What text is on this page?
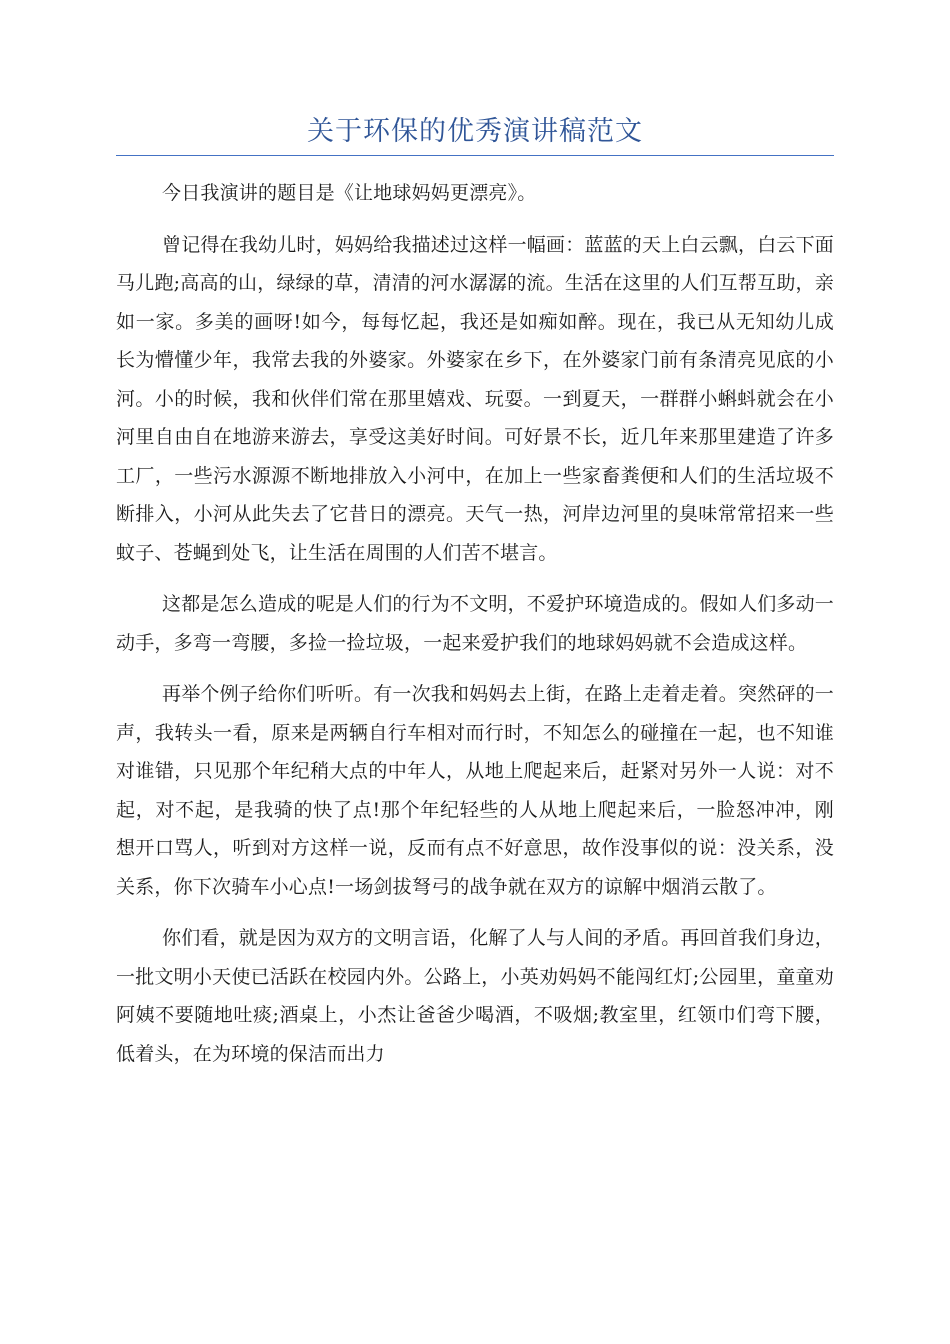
关于环保的优秀演讲稿范文

今日我演讲的题目是《让地球妈妈更漂亮》。

曾记得在我幼儿时，妈妈给我描述过这样一幅画：蓝蓝的天上白云飘，白云下面马儿跑;高高的山，绿绿的草，清清的河水潺潺的流。生活在这里的人们互帮互助，亲如一家。多美的画呀!如今，每每忆起，我还是如痴如醉。现在，我已从无知幼儿成长为懵懂少年，我常去我的外婆家。外婆家在乡下，在外婆家门前有条清亮见底的小河。小的时候，我和伙伴们常在那里嬉戏、玩耍。一到夏天，一群群小蝌蚪就会在小河里自由自在地游来游去，享受这美好时间。可好景不长，近几年来那里建造了许多工厂，一些污水源源不断地排放入小河中，在加上一些家畜粪便和人们的生活垃圾不断排入，小河从此失去了它昔日的漂亮。天气一热，河岸边河里的臭味常常招来一些蚊子、苍蝇到处飞，让生活在周围的人们苦不堪言。

这都是怎么造成的呢是人们的行为不文明，不爱护环境造成的。假如人们多动一动手，多弯一弯腰，多捡一捡垃圾，一起来爱护我们的地球妈妈就不会造成这样。

再举个例子给你们听听。有一次我和妈妈去上街，在路上走着走着。突然砰的一声，我转头一看，原来是两辆自行车相对而行时，不知怎么的碰撞在一起，也不知谁对谁错，只见那个年纪稍大点的中年人，从地上爬起来后，赶紧对另外一人说：对不起，对不起，是我骑的快了点!那个年纪轻些的人从地上爬起来后，一脸怒冲冲，刚想开口骂人，听到对方这样一说，反而有点不好意思，故作没事似的说：没关系，没关系，你下次骑车小心点!一场剑拔弩弓的战争就在双方的谅解中烟消云散了。

你们看，就是因为双方的文明言语，化解了人与人间的矛盾。再回首我们身边，一批文明小天使已活跃在校园内外。公路上，小英劝妈妈不能闯红灯;公园里，童童劝阿姨不要随地吐痰;酒桌上，小杰让爸爸少喝酒，不吸烟;教室里，红领巾们弯下腰，低着头，在为环境的保洁而出力
